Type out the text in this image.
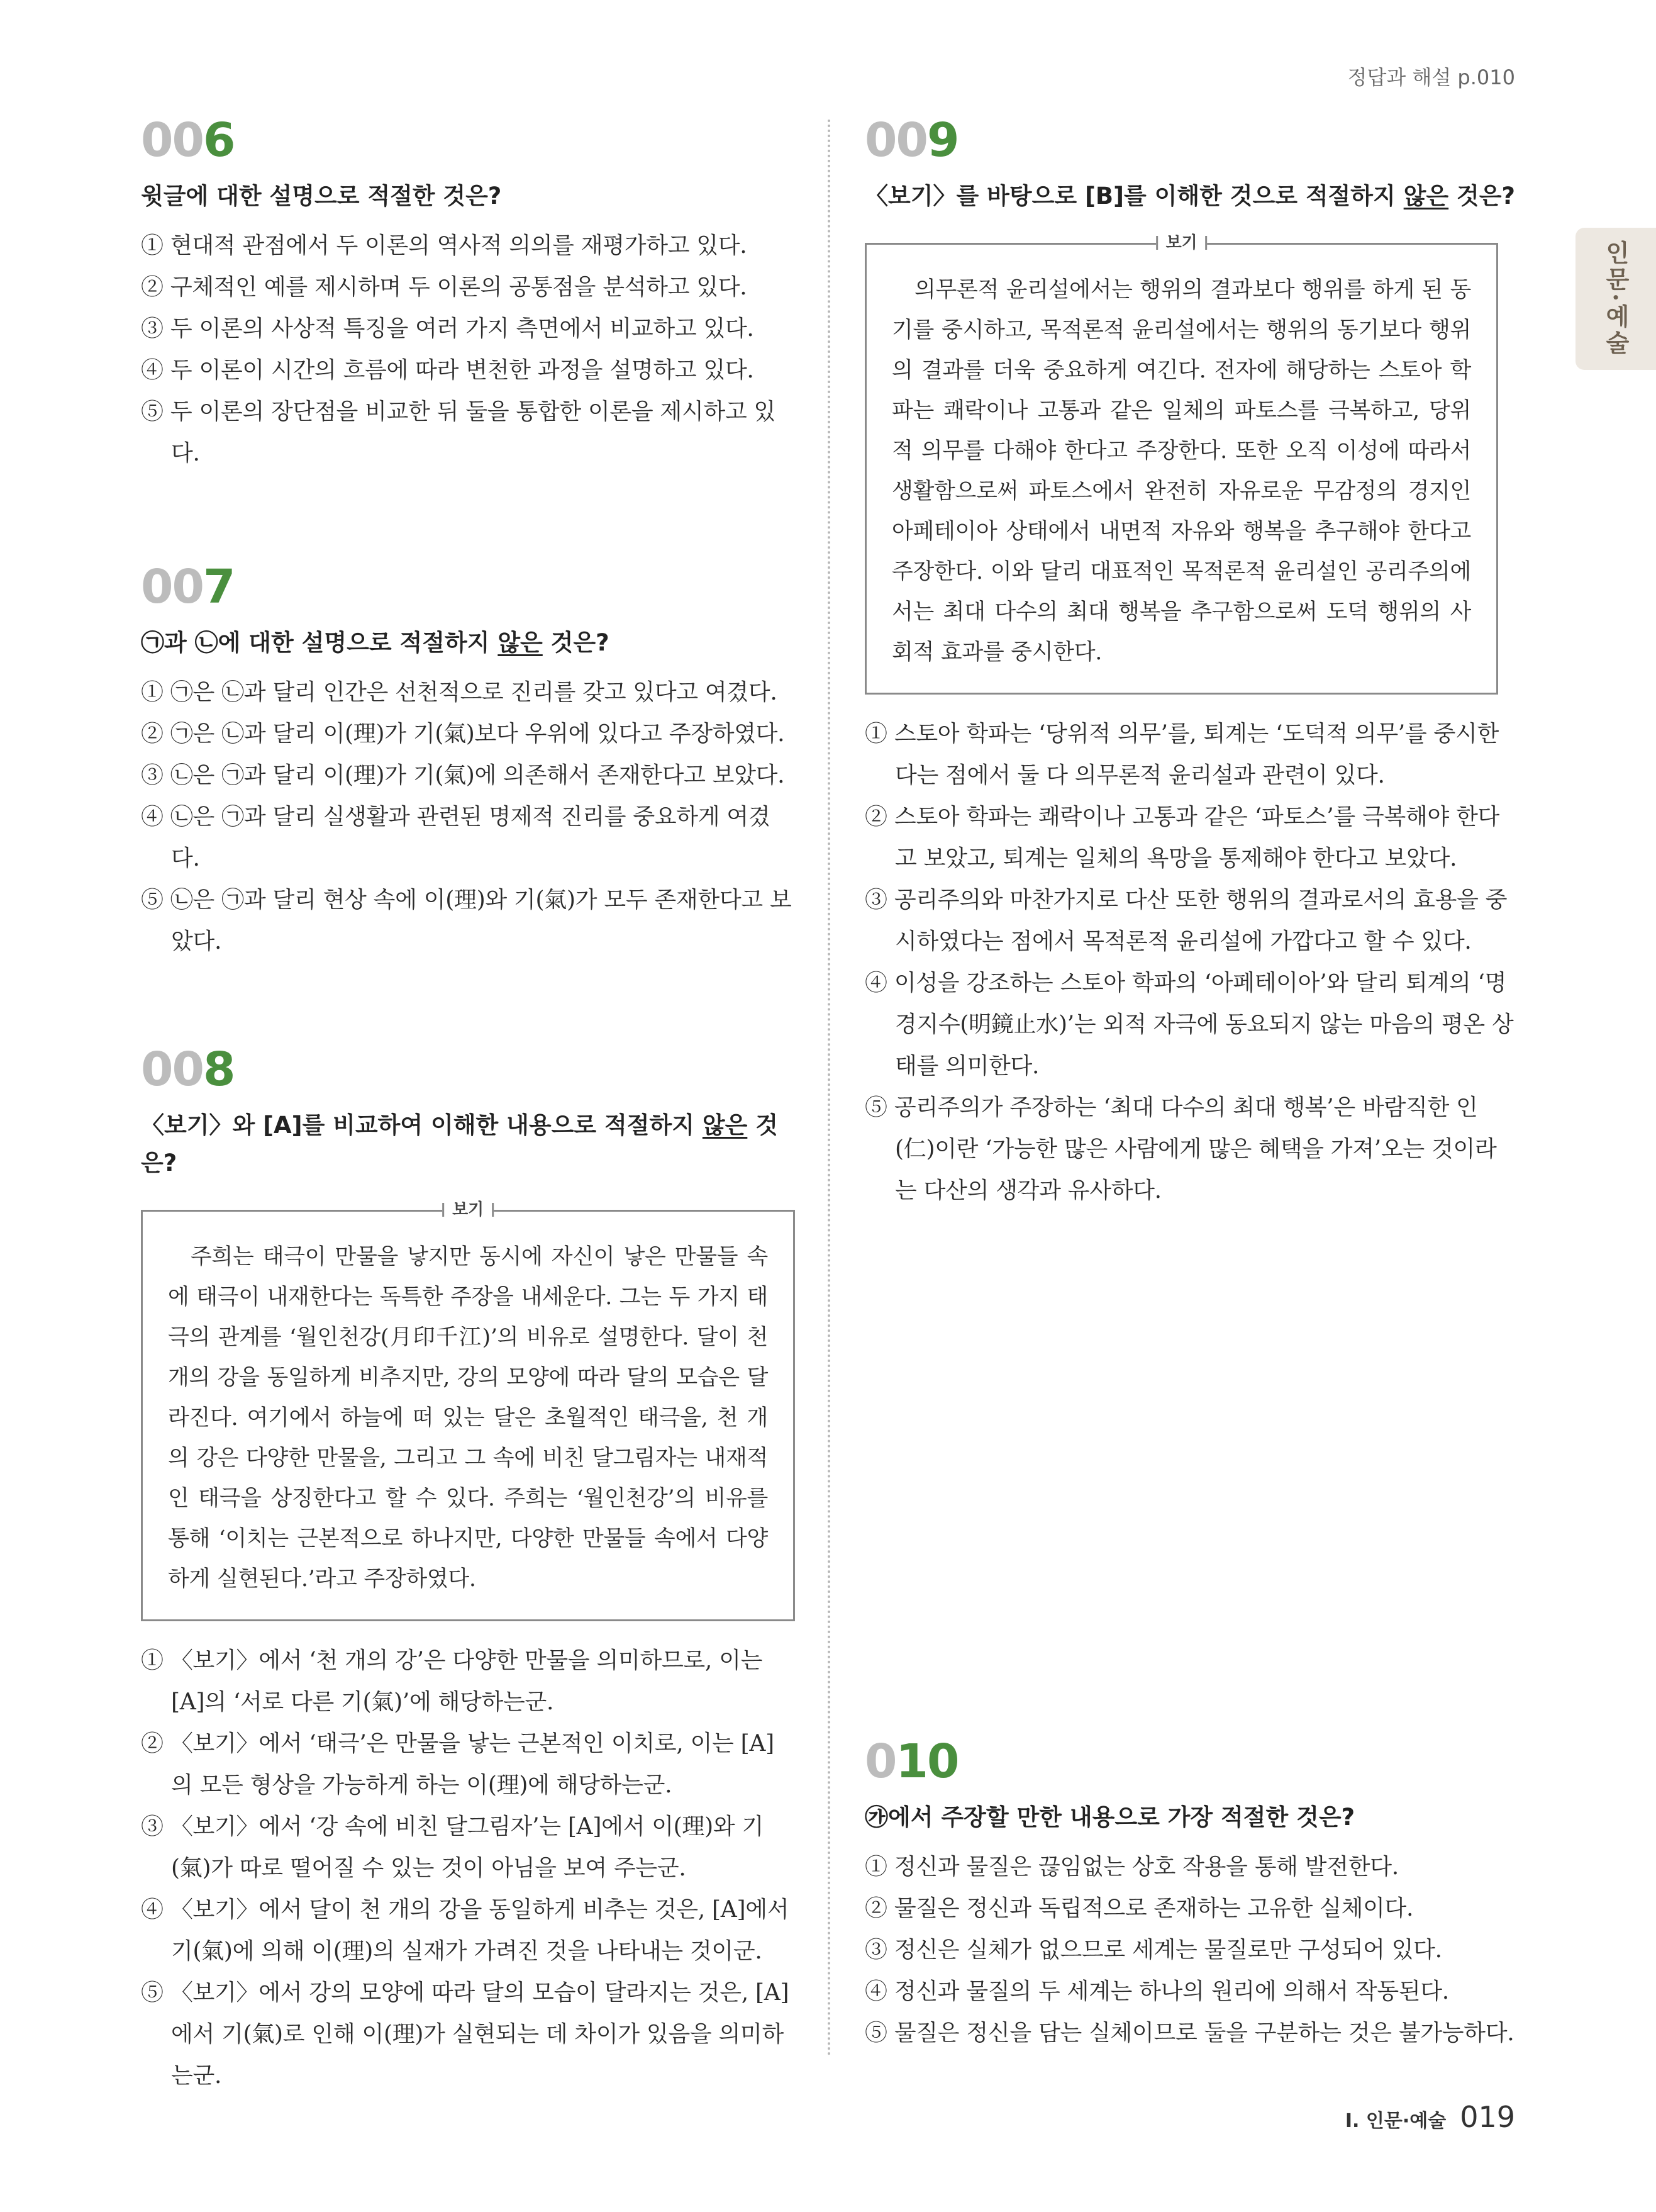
정답과 해설 p.010
인문·예술
006
윗글에 대한 설명으로 적절한 것은?
① 현대적 관점에서 두 이론의 역사적 의의를 재평가하고 있다.
② 구체적인 예를 제시하며 두 이론의 공통점을 분석하고 있다.
③ 두 이론의 사상적 특징을 여러 가지 측면에서 비교하고 있다.
④ 두 이론이 시간의 흐름에 따라 변천한 과정을 설명하고 있다.
⑤ 두 이론의 장단점을 비교한 뒤 둘을 통합한 이론을 제시하고 있다.
007
㉠과 ㉡에 대한 설명으로 적절하지 않은 것은?
① ㉠은 ㉡과 달리 인간은 선천적으로 진리를 갖고 있다고 여겼다.
② ㉠은 ㉡과 달리 이(理)가 기(氣)보다 우위에 있다고 주장하였다.
③ ㉡은 ㉠과 달리 이(理)가 기(氣)에 의존해서 존재한다고 보았다.
④ ㉡은 ㉠과 달리 실생활과 관련된 명제적 진리를 중요하게 여겼다.
⑤ ㉡은 ㉠과 달리 현상 속에 이(理)와 기(氣)가 모두 존재한다고 보았다.
008
〈보기〉와 [A]를 비교하여 이해한 내용으로 적절하지 않은 것은?
보기

주희는 태극이 만물을 낳지만 동시에 자신이 낳은 만물들 속에 태극이 내재한다는 독특한 주장을 내세운다. 그는 두 가지 태극의 관계를 ‘월인천강(月印千江)’의 비유로 설명한다. 달이 천 개의 강을 동일하게 비추지만, 강의 모양에 따라 달의 모습은 달라진다. 여기에서 하늘에 떠 있는 달은 초월적인 태극을, 천 개의 강은 다양한 만물을, 그리고 그 속에 비친 달그림자는 내재적인 태극을 상징한다고 할 수 있다. 주희는 ‘월인천강’의 비유를 통해 ‘이치는 근본적으로 하나지만, 다양한 만물들 속에서 다양하게 실현된다.’라고 주장하였다.

① 〈보기〉에서 ‘천 개의 강’은 다양한 만물을 의미하므로, 이는 [A]의 ‘서로 다른 기(氣)’에 해당하는군.
② 〈보기〉에서 ‘태극’은 만물을 낳는 근본적인 이치로, 이는 [A]의 모든 형상을 가능하게 하는 이(理)에 해당하는군.
③ 〈보기〉에서 ‘강 속에 비친 달그림자’는 [A]에서 이(理)와 기(氣)가 따로 떨어질 수 있는 것이 아님을 보여 주는군.
④ 〈보기〉에서 달이 천 개의 강을 동일하게 비추는 것은, [A]에서 기(氣)에 의해 이(理)의 실재가 가려진 것을 나타내는 것이군.
⑤ 〈보기〉에서 강의 모양에 따라 달의 모습이 달라지는 것은, [A]에서 기(氣)로 인해 이(理)가 실현되는 데 차이가 있음을 의미하는군.
009
〈보기〉를 바탕으로 [B]를 이해한 것으로 적절하지 않은 것은?
보기

의무론적 윤리설에서는 행위의 결과보다 행위를 하게 된 동기를 중시하고, 목적론적 윤리설에서는 행위의 동기보다 행위의 결과를 더욱 중요하게 여긴다. 전자에 해당하는 스토아 학파는 쾌락이나 고통과 같은 일체의 파토스를 극복하고, 당위적 의무를 다해야 한다고 주장한다. 또한 오직 이성에 따라서 생활함으로써 파토스에서 완전히 자유로운 무감정의 경지인 아페테이아 상태에서 내면적 자유와 행복을 추구해야 한다고 주장한다. 이와 달리 대표적인 목적론적 윤리설인 공리주의에서는 최대 다수의 최대 행복을 추구함으로써 도덕 행위의 사회적 효과를 중시한다.

① 스토아 학파는 ‘당위적 의무’를, 퇴계는 ‘도덕적 의무’를 중시한다는 점에서 둘 다 의무론적 윤리설과 관련이 있다.
② 스토아 학파는 쾌락이나 고통과 같은 ‘파토스’를 극복해야 한다고 보았고, 퇴계는 일체의 욕망을 통제해야 한다고 보았다.
③ 공리주의와 마찬가지로 다산 또한 행위의 결과로서의 효용을 중시하였다는 점에서 목적론적 윤리설에 가깝다고 할 수 있다.
④ 이성을 강조하는 스토아 학파의 ‘아페테이아’와 달리 퇴계의 ‘명경지수(明鏡止水)’는 외적 자극에 동요되지 않는 마음의 평온 상태를 의미한다.
⑤ 공리주의가 주장하는 ‘최대 다수의 최대 행복’은 바람직한 인(仁)이란 ‘가능한 많은 사람에게 많은 혜택을 가져’오는 것이라는 다산의 생각과 유사하다.
010
㉮에서 주장할 만한 내용으로 가장 적절한 것은?
① 정신과 물질은 끊임없는 상호 작용을 통해 발전한다.
② 물질은 정신과 독립적으로 존재하는 고유한 실체이다.
③ 정신은 실체가 없으므로 세계는 물질로만 구성되어 있다.
④ 정신과 물질의 두 세계는 하나의 원리에 의해서 작동된다.
⑤ 물질은 정신을 담는 실체이므로 둘을 구분하는 것은 불가능하다.
Ⅰ. 인문·예술 019
